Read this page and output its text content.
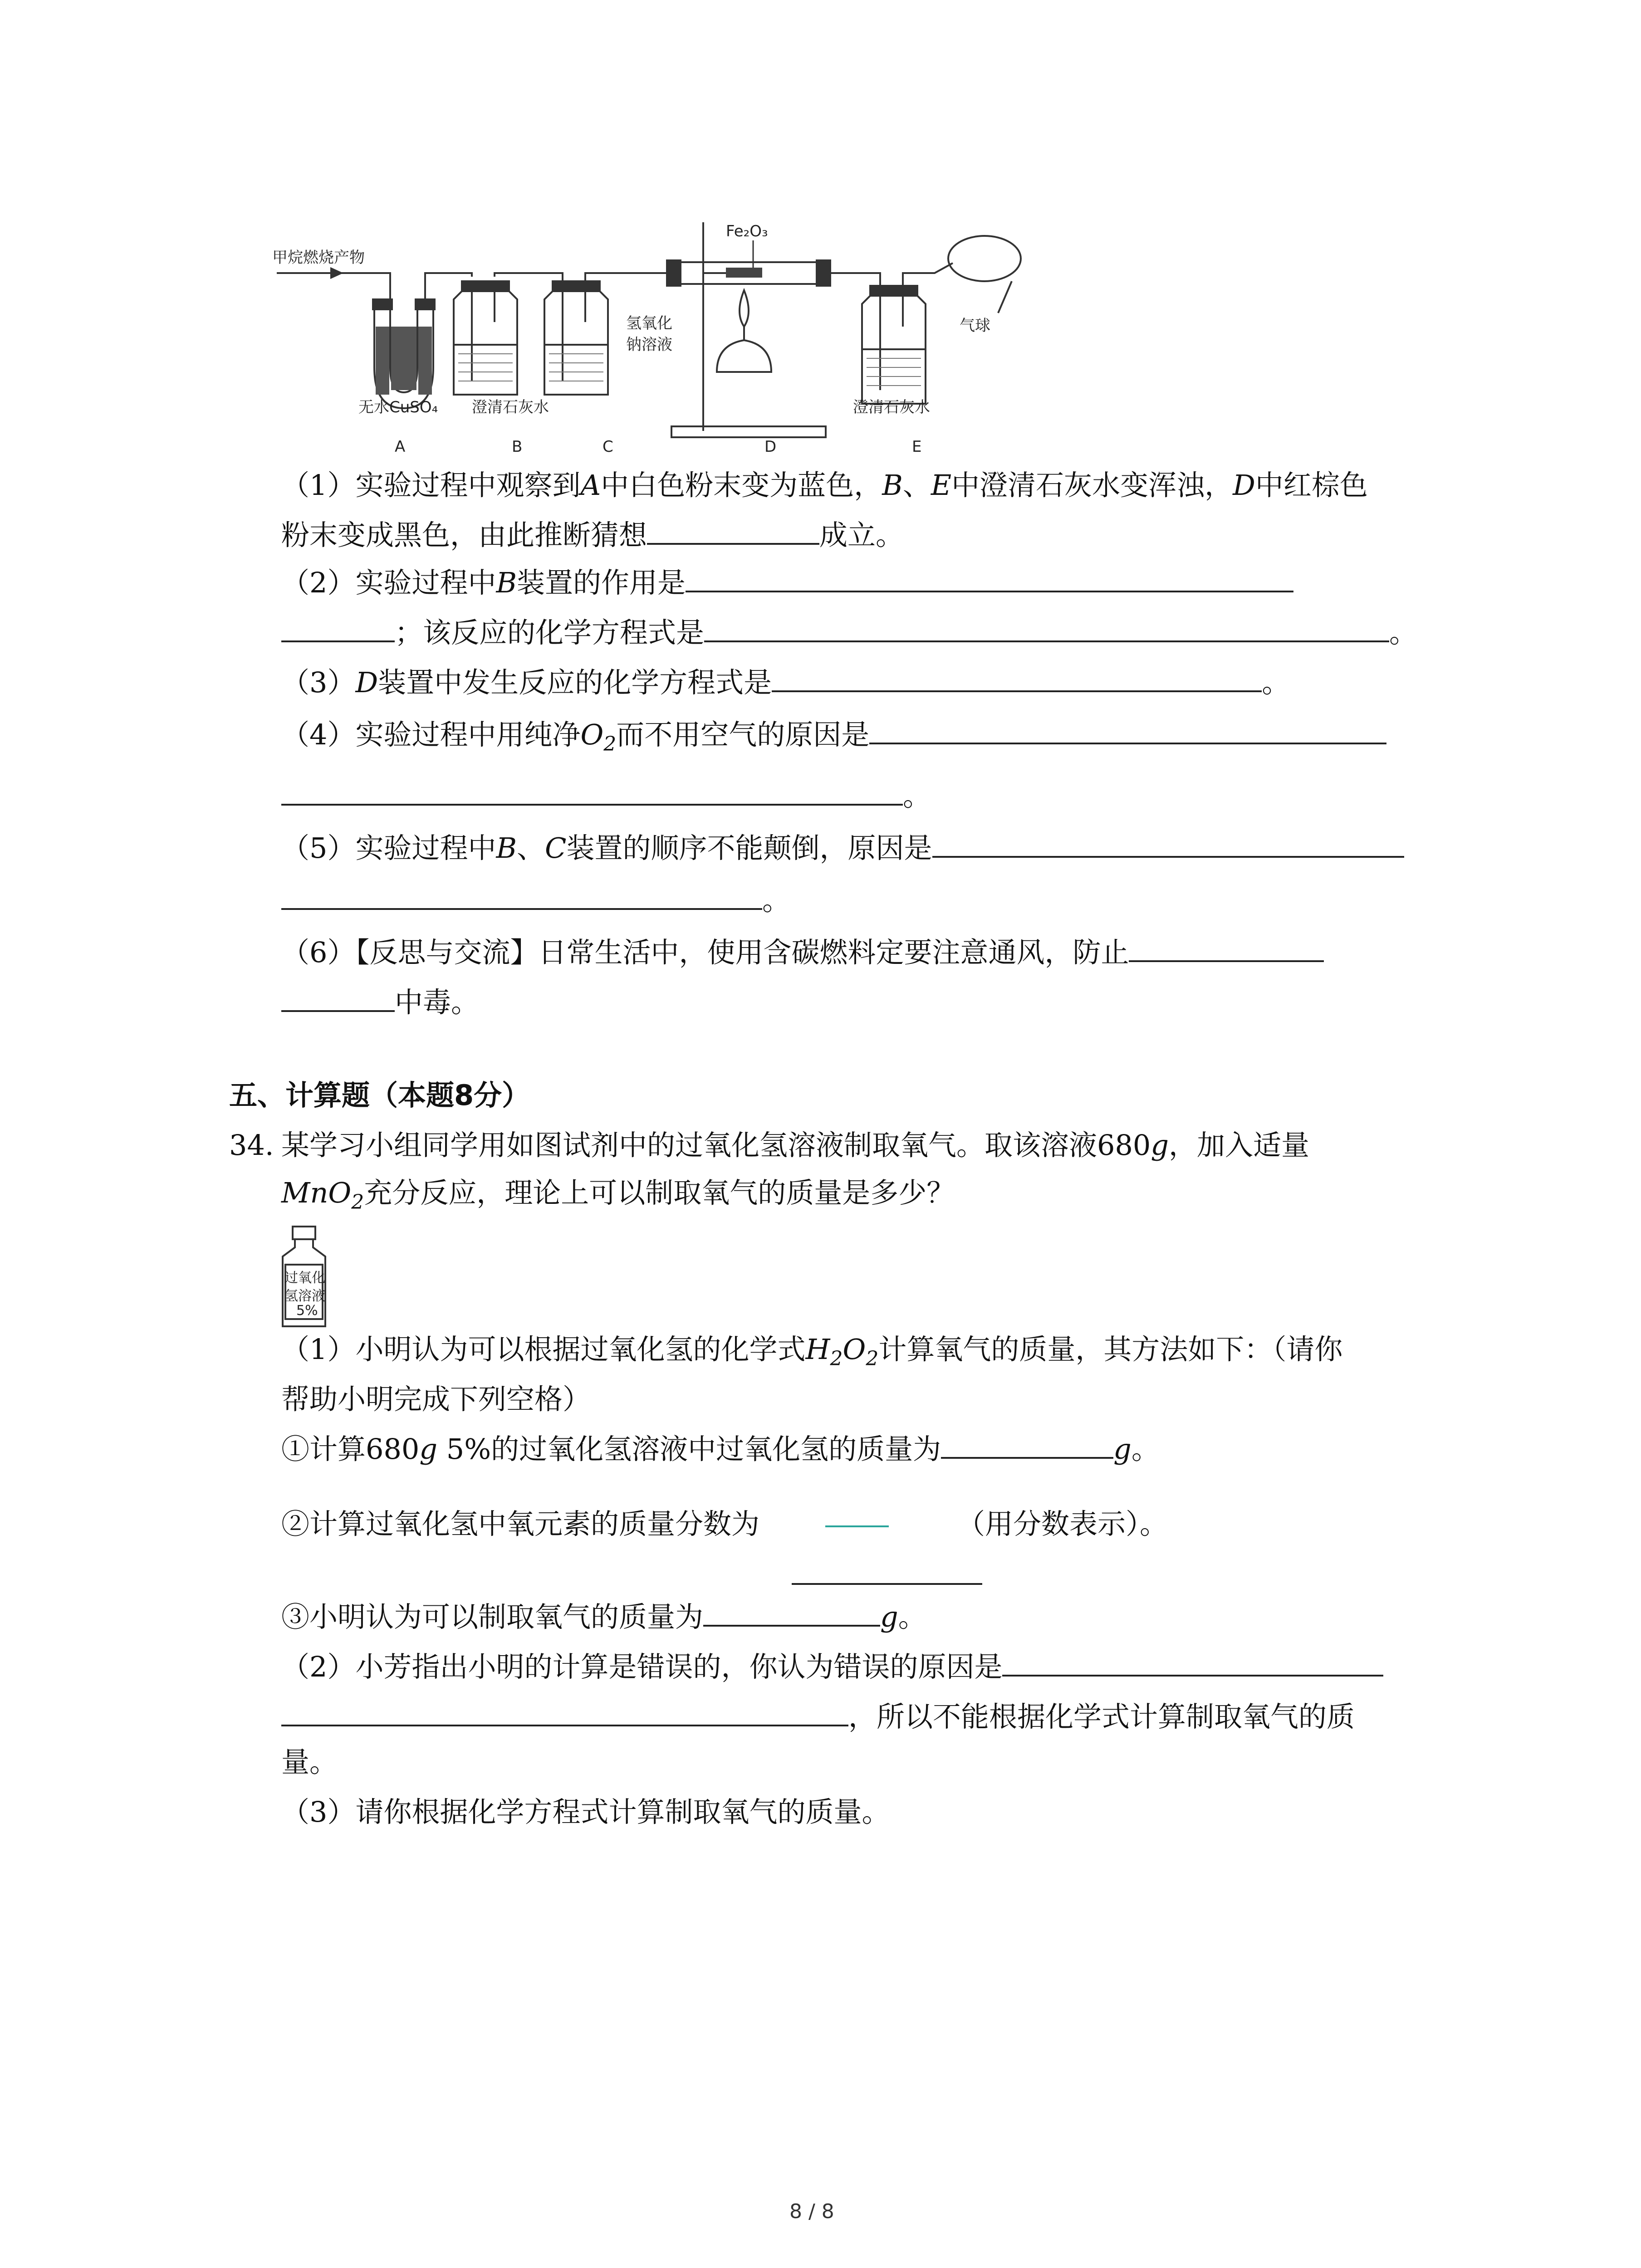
甲烷燃烧产物
Fe₂O₃
氢氧化
钠溶液
气球
无水CuSO₄ 澄清石灰水	澄清石灰水
A	B	C	D	E
（1）实验过程中观察到A中白色粉末变为蓝色，B、E中澄清石灰水变浑浊，D中红棕色
粉末变成黑色，由此推断猜想	成立。
（2）实验过程中B装置的作用是
；该反应的化学方程式是	。
（3）D装置中发生反应的化学方程式是	。
（4）实验过程中用纯净$O_2$而不用空气的原因是
。
（5）实验过程中B、C装置的顺序不能颠倒，原因是
。
（6）【反思与交流】日常生活中，使用含碳燃料定要注意通风，防止
中毒。
五、计算题（本题8分）
34. 某学习小组同学用如图试剂中的过氧化氢溶液制取氧气。取该溶液680g，加入适量
MnO$_2$充分反应，理论上可以制取氧气的质量是多少？
过氧化
氢溶液
5%
（1）小明认为可以根据过氧化氢的化学式$H_2O_2$计算氧气的质量，其方法如下：（请你
帮助小明完成下列空格）
①计算680g 5%的过氧化氢溶液中过氧化氢的质量为	g。
②计算过氧化氢中氧元素的质量分数为	（用分数表示）。
③小明认为可以制取氧气的质量为	g。
（2）小芳指出小明的计算是错误的，你认为错误的原因是
，所以不能根据化学式计算制取氧气的质
量。
（3）请你根据化学方程式计算制取氧气的质量。
8 / 8
